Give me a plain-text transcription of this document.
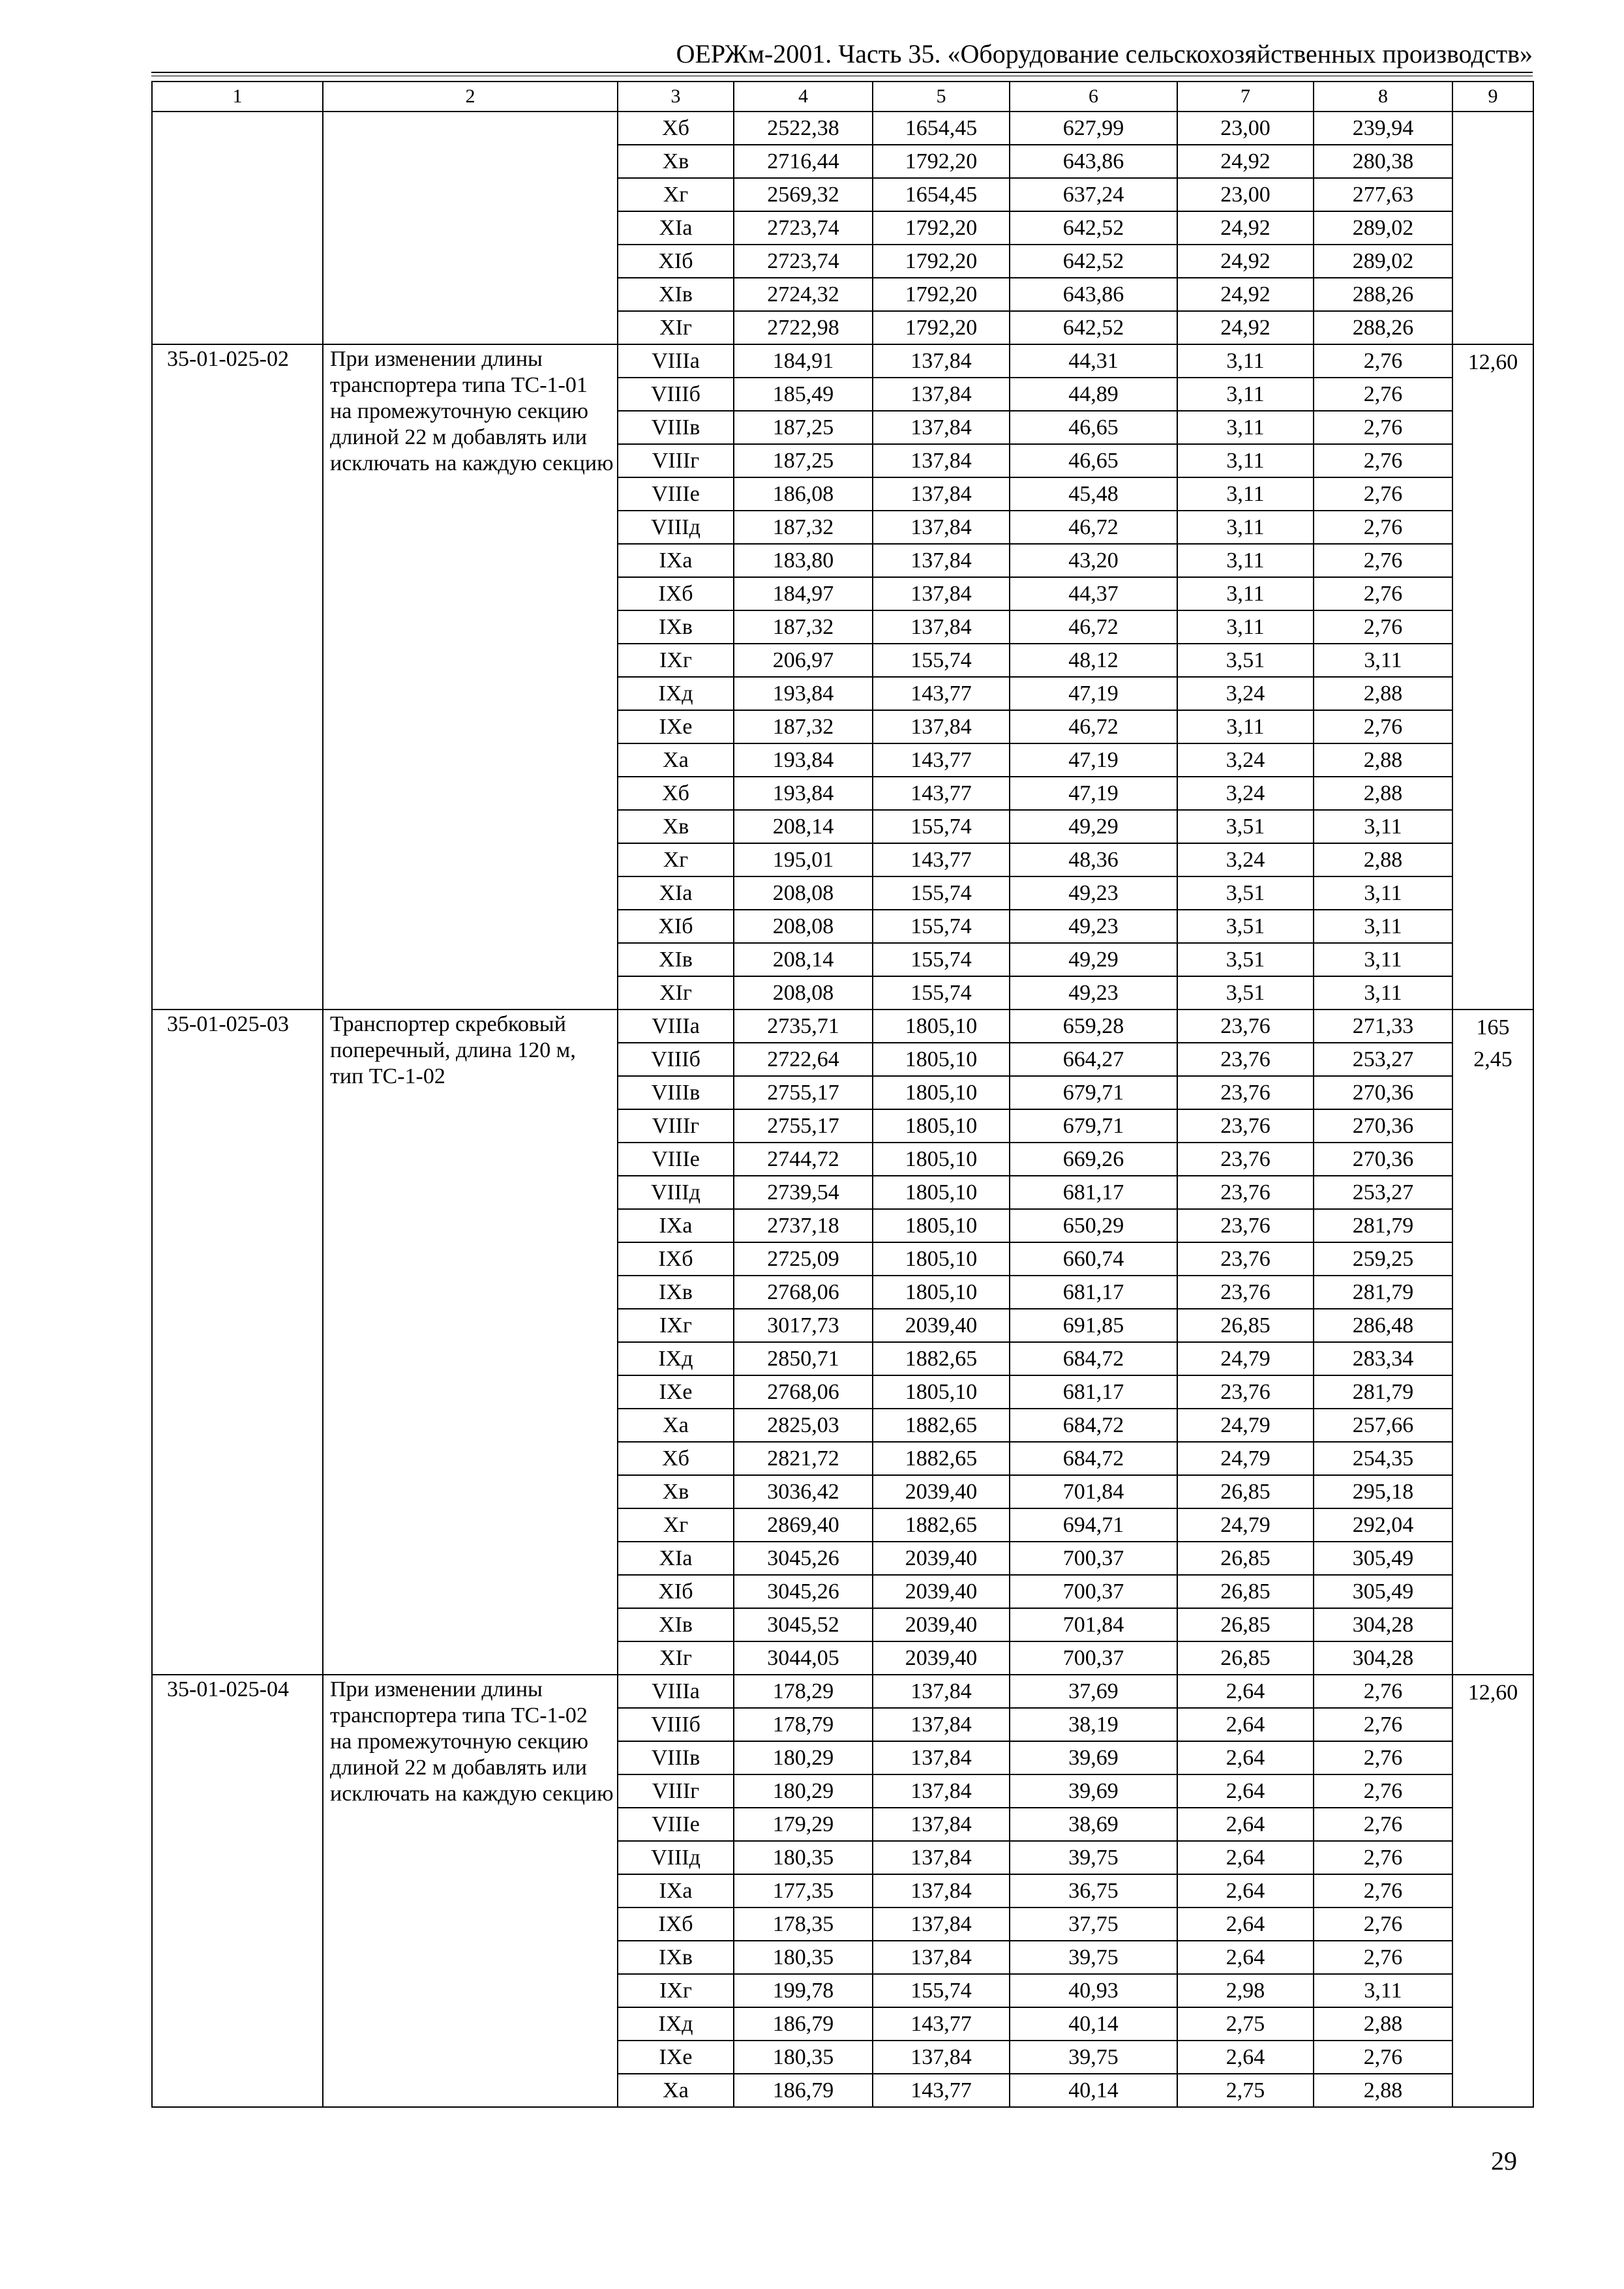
ОЕРЖм-2001. Часть 35. «Оборудование сельскохозяйственных производств»
1	2	3	4	5	6	7	8	9
		Xб	2522,38	1654,45	627,99	23,00	239,94	
		Xв	2716,44	1792,20	643,86	24,92	280,38	
		Xг	2569,32	1654,45	637,24	23,00	277,63	
		XIа	2723,74	1792,20	642,52	24,92	289,02	
		XIб	2723,74	1792,20	642,52	24,92	289,02	
		XIв	2724,32	1792,20	643,86	24,92	288,26	
		XIг	2722,98	1792,20	642,52	24,92	288,26	
35-01-025-02	При изменении длины транспортера типа ТС-1-01 на промежуточную секцию длиной 22 м добавлять или исключать на каждую секцию	VIIIа	184,91	137,84	44,31	3,11	2,76	12,60

		VIIIб	185,49	137,84	44,89	3,11	2,76	
		VIIIв	187,25	137,84	46,65	3,11	2,76	
		VIIIг	187,25	137,84	46,65	3,11	2,76	
		VIIIе	186,08	137,84	45,48	3,11	2,76	
		VIIIд	187,32	137,84	46,72	3,11	2,76	
		IXа	183,80	137,84	43,20	3,11	2,76	
		IXб	184,97	137,84	44,37	3,11	2,76	
		IXв	187,32	137,84	46,72	3,11	2,76	
		IXг	206,97	155,74	48,12	3,51	3,11	
		IXд	193,84	143,77	47,19	3,24	2,88	
		IXе	187,32	137,84	46,72	3,11	2,76	
		Xа	193,84	143,77	47,19	3,24	2,88	
		Xб	193,84	143,77	47,19	3,24	2,88	
		Xв	208,14	155,74	49,29	3,51	3,11	
		Xг	195,01	143,77	48,36	3,24	2,88	
		XIа	208,08	155,74	49,23	3,51	3,11	
		XIб	208,08	155,74	49,23	3,51	3,11	
		XIв	208,14	155,74	49,29	3,51	3,11	
		XIг	208,08	155,74	49,23	3,51	3,11	
35-01-025-03	Транспортер скребковый поперечный, длина 120 м, тип ТС-1-02	VIIIа	2735,71	1805,10	659,28	23,76	271,33	165
2,45

		VIIIб	2722,64	1805,10	664,27	23,76	253,27	
		VIIIв	2755,17	1805,10	679,71	23,76	270,36	
		VIIIг	2755,17	1805,10	679,71	23,76	270,36	
		VIIIе	2744,72	1805,10	669,26	23,76	270,36	
		VIIIд	2739,54	1805,10	681,17	23,76	253,27	
		IXа	2737,18	1805,10	650,29	23,76	281,79	
		IXб	2725,09	1805,10	660,74	23,76	259,25	
		IXв	2768,06	1805,10	681,17	23,76	281,79	
		IXг	3017,73	2039,40	691,85	26,85	286,48	
		IXд	2850,71	1882,65	684,72	24,79	283,34	
		IXе	2768,06	1805,10	681,17	23,76	281,79	
		Xа	2825,03	1882,65	684,72	24,79	257,66	
		Xб	2821,72	1882,65	684,72	24,79	254,35	
		Xв	3036,42	2039,40	701,84	26,85	295,18	
		Xг	2869,40	1882,65	694,71	24,79	292,04	
		XIа	3045,26	2039,40	700,37	26,85	305,49	
		XIб	3045,26	2039,40	700,37	26,85	305,49	
		XIв	3045,52	2039,40	701,84	26,85	304,28	
		XIг	3044,05	2039,40	700,37	26,85	304,28	
35-01-025-04	При изменении длины транспортера типа ТС-1-02 на промежуточную секцию длиной 22 м добавлять или исключать на каждую секцию	VIIIа	178,29	137,84	37,69	2,64	2,76	12,60

		VIIIб	178,79	137,84	38,19	2,64	2,76	
		VIIIв	180,29	137,84	39,69	2,64	2,76	
		VIIIг	180,29	137,84	39,69	2,64	2,76	
		VIIIе	179,29	137,84	38,69	2,64	2,76	
		VIIIд	180,35	137,84	39,75	2,64	2,76	
		IXа	177,35	137,84	36,75	2,64	2,76	
		IXб	178,35	137,84	37,75	2,64	2,76	
		IXв	180,35	137,84	39,75	2,64	2,76	
		IXг	199,78	155,74	40,93	2,98	3,11	
		IXд	186,79	143,77	40,14	2,75	2,88	
		IXе	180,35	137,84	39,75	2,64	2,76	
		Xа	186,79	143,77	40,14	2,75	2,88	
29
